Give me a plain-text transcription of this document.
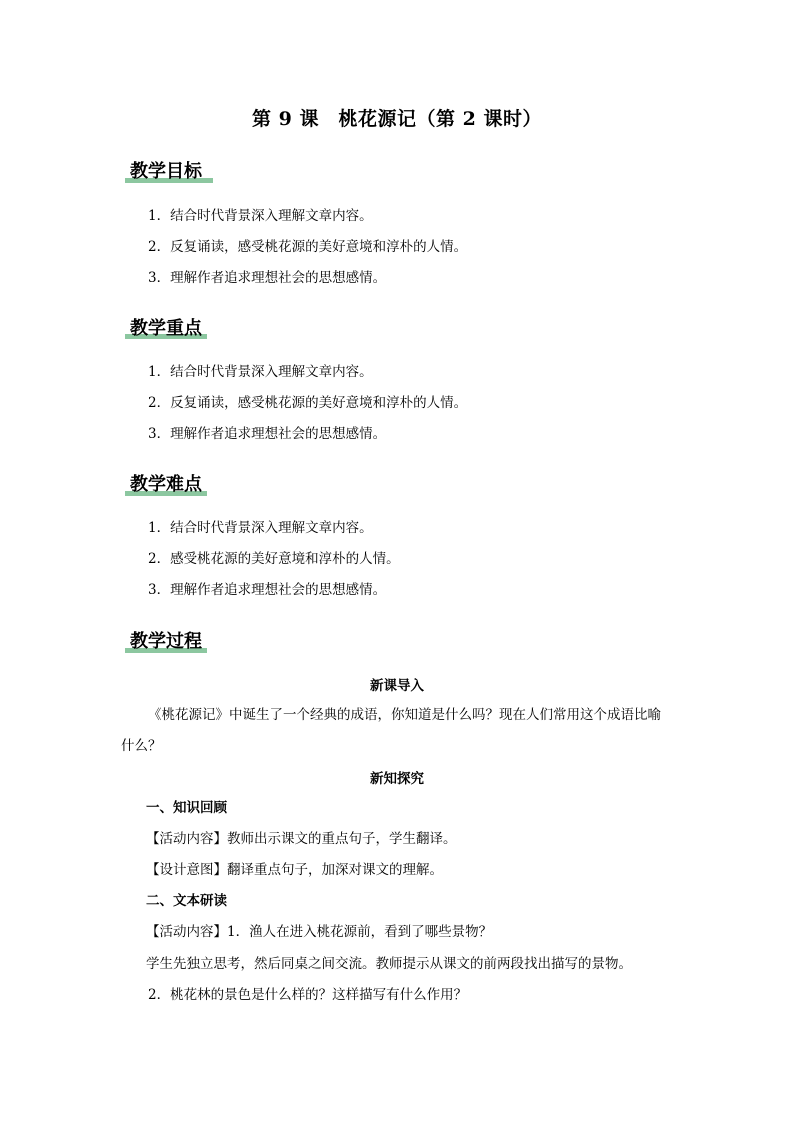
第 9 课　桃花源记（第 2 课时）
教学目标
1．结合时代背景深入理解文章内容。
2．反复诵读，感受桃花源的美好意境和淳朴的人情。
3．理解作者追求理想社会的思想感情。
教学重点
1．结合时代背景深入理解文章内容。
2．反复诵读，感受桃花源的美好意境和淳朴的人情。
3．理解作者追求理想社会的思想感情。
教学难点
1．结合时代背景深入理解文章内容。
2．感受桃花源的美好意境和淳朴的人情。
3．理解作者追求理想社会的思想感情。
教学过程
新课导入
《桃花源记》中诞生了一个经典的成语，你知道是什么吗？现在人们常用这个成语比喻
什么？
新知探究
一、知识回顾
【活动内容】教师出示课文的重点句子，学生翻译。
【设计意图】翻译重点句子，加深对课文的理解。
二、文本研读
【活动内容】1．渔人在进入桃花源前，看到了哪些景物？
学生先独立思考，然后同桌之间交流。教师提示从课文的前两段找出描写的景物。
2．桃花林的景色是什么样的？这样描写有什么作用？
